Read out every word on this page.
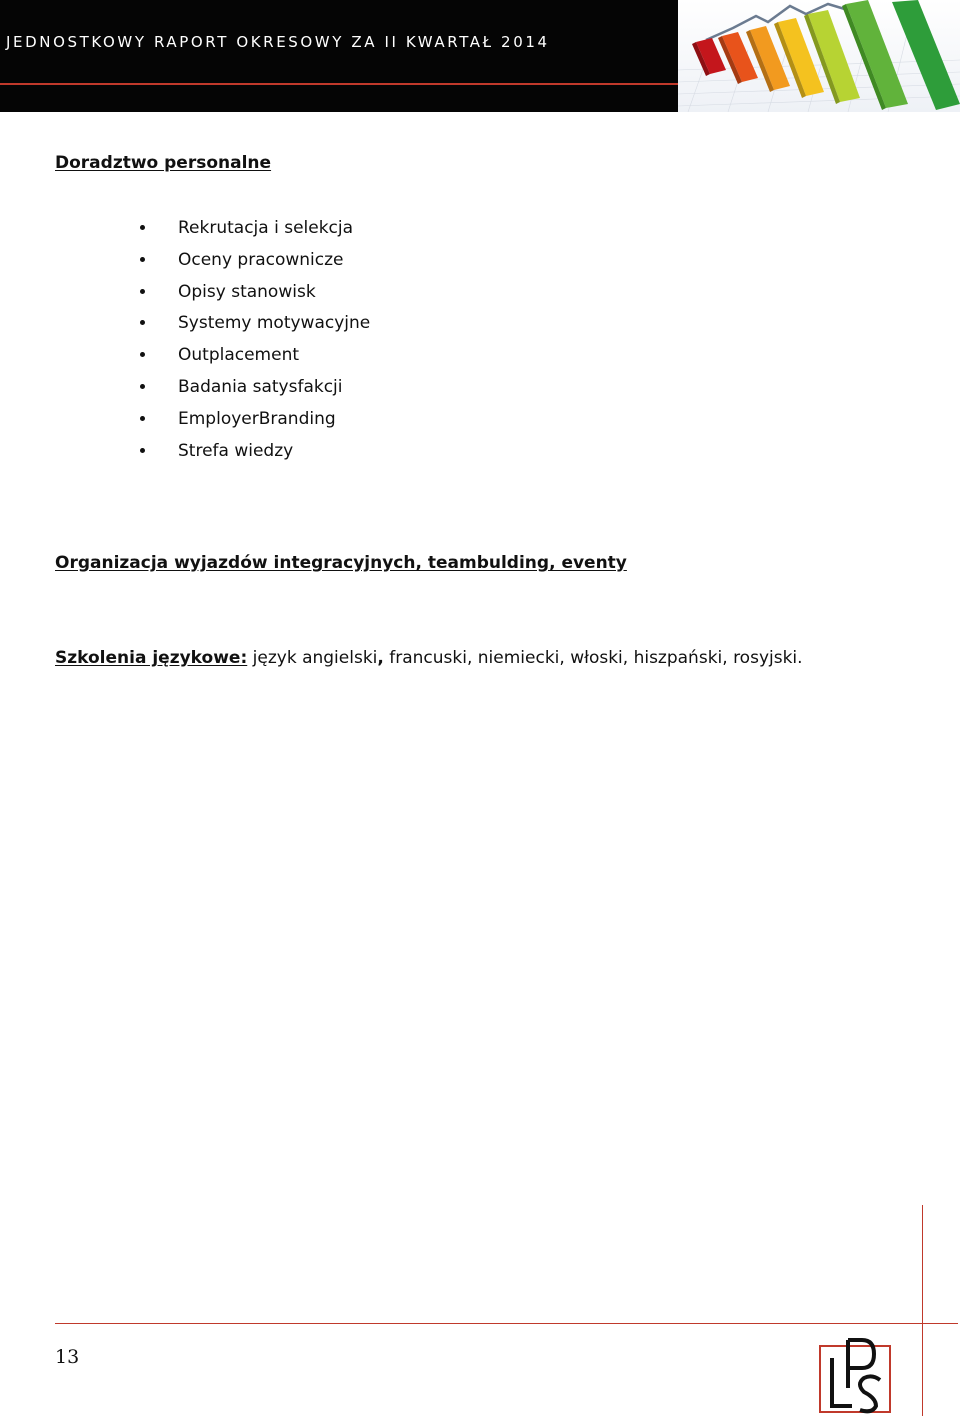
JEDNOSTKOWY RAPORT OKRESOWY ZA II KWARTAŁ 2014
Doradztwo personalne
Rekrutacja i selekcja
Oceny pracownicze
Opisy stanowisk
Systemy motywacyjne
Outplacement
Badania satysfakcji
EmployerBranding
Strefa wiedzy
Organizacja wyjazdów integracyjnych, teambulding, eventy
Szkolenia językowe: język angielski, francuski, niemiecki, włoski, hiszpański, rosyjski.
13
